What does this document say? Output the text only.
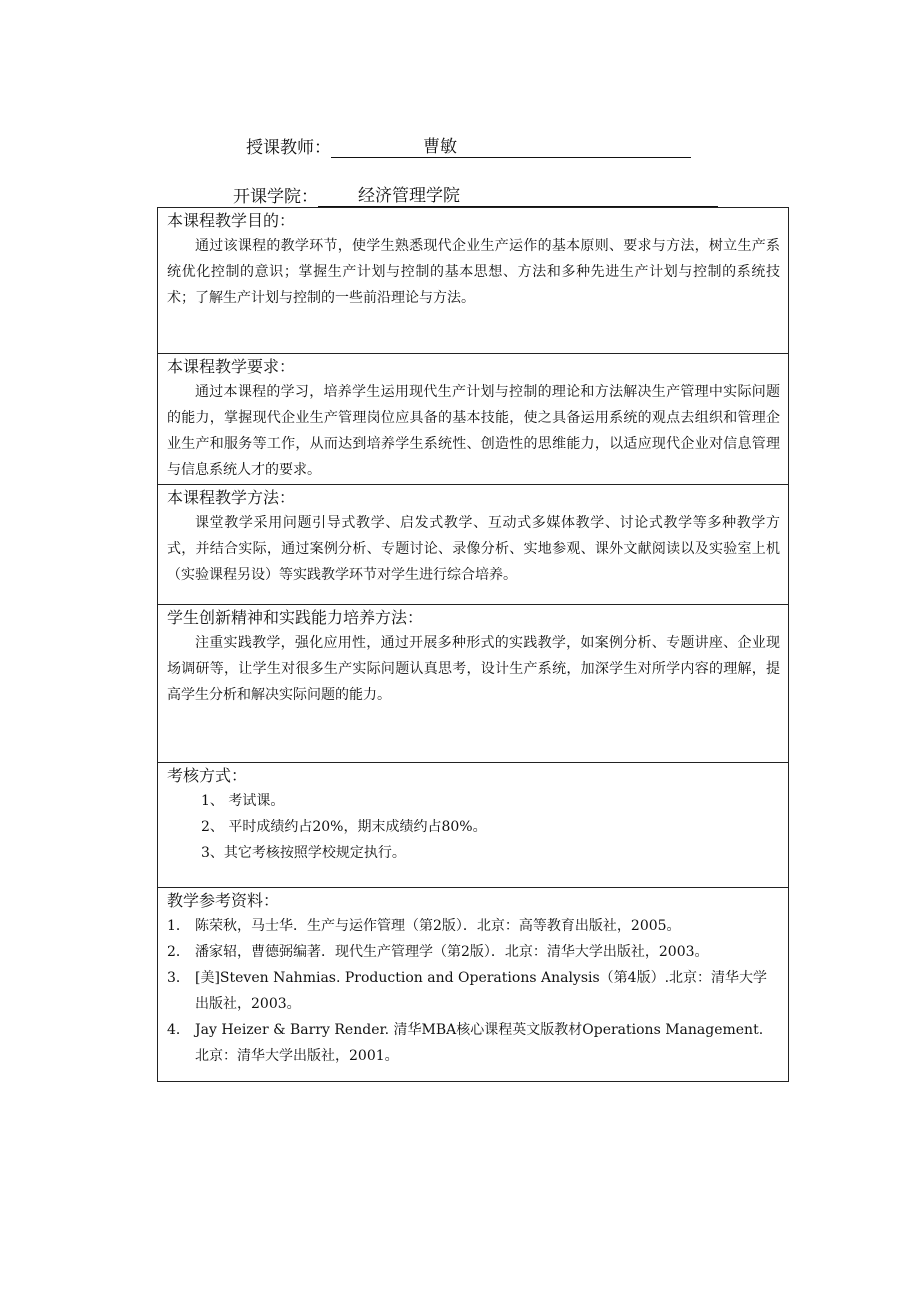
授课教师：	曹敏
开课学院： 经济管理学院
本课程教学目的：
通过该课程的教学环节，使学生熟悉现代企业生产运作的基本原则、要求与方法，树立生产系统优化控制的意识；掌握生产计划与控制的基本思想、方法和多种先进生产计划与控制的系统技术；了解生产计划与控制的一些前沿理论与方法。

本课程教学要求：
通过本课程的学习，培养学生运用现代生产计划与控制的理论和方法解决生产管理中实际问题的能力，掌握现代企业生产管理岗位应具备的基本技能，使之具备运用系统的观点去组织和管理企业生产和服务等工作，从而达到培养学生系统性、创造性的思维能力，以适应现代企业对信息管理与信息系统人才的要求。

本课程教学方法：
课堂教学采用问题引导式教学、启发式教学、互动式多媒体教学、讨论式教学等多种教学方式，并结合实际，通过案例分析、专题讨论、录像分析、实地参观、课外文献阅读以及实验室上机（实验课程另设）等实践教学环节对学生进行综合培养。

学生创新精神和实践能力培养方法：
注重实践教学，强化应用性，通过开展多种形式的实践教学，如案例分析、专题讲座、企业现场调研等，让学生对很多生产实际问题认真思考，设计生产系统，加深学生对所学内容的理解，提高学生分析和解决实际问题的能力。

考核方式：
1、 考试课。
2、 平时成绩约占20%，期末成绩约占80%。
3、其它考核按照学校规定执行。

教学参考资料：
1． 陈荣秋，马士华．生产与运作管理（第2版）．北京：高等教育出版社，2005。
2． 潘家轺，曹德弼编著．现代生产管理学（第2版）．北京：清华大学出版社，2003。
3． [美]Steven Nahmias. Production and Operations Analysis（第4版）.北京：清华大学出版社，2003。
4． Jay Heizer & Barry Render. 清华MBA核心课程英文版教材Operations Management. 北京：清华大学出版社，2001。
